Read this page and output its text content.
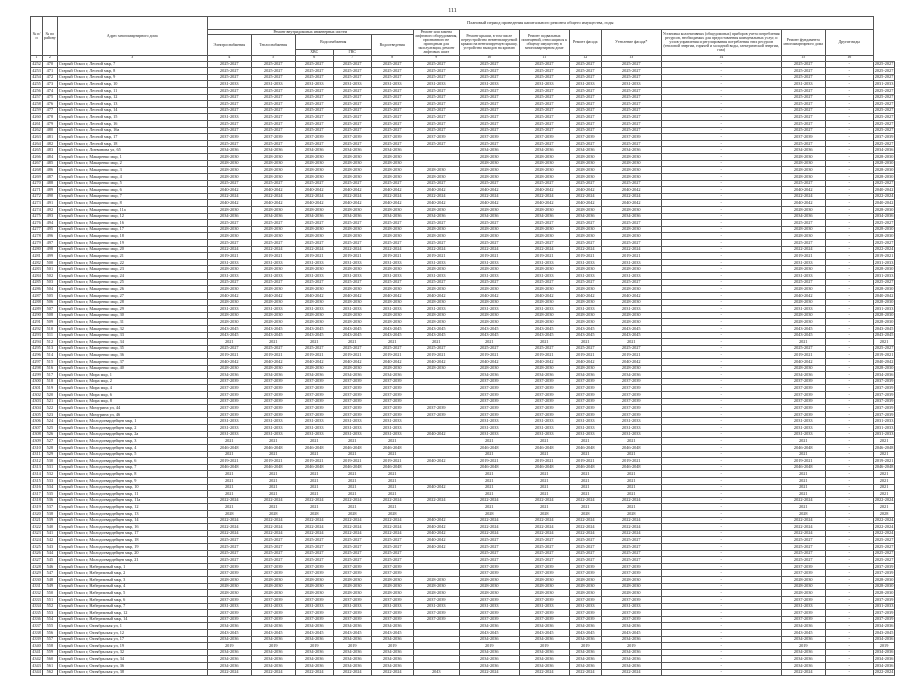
111
№ п/п	№ по району	Адрес многоквартирного дома	Плановый период проведения капитального ремонта общего имущества, годы													
			Ремонт внутридомовых инженерных систем					Ремонт или замена лифтового оборудования, признанного не пригодным для эксплуатации, ремонт лифтовых шахт	Ремонт крыши, в том числе переустройство невентилируемой крыши на вентилируемую крышу, устройство выходов на кровлю	Ремонт подвальных помещений, относящихся к общему имуществу в многоквартирном доме	Ремонт фасада	Утепление фасада*	Установка коллективных (общедомовых) приборов учета потребления ресурсов, необходимых для предоставления коммунальных услуг, и узлов управления и регулирования потребления этих ресурсов (тепловой энергии, горячей и холодной воды, электрической энергии, газа)	Ремонт фундамента многоквартирного дома	Другие виды	
			Электроснабжения	Теплоснабжения	Водоснабжения		Водоотведения									
					ХВС	ГВС										
1	2	3	4	5	6	7	8	9	10	11	12	13	14	15	16	
4252	470	Старый Оскол г, Лесной мкр, 7	2025-2027	2025-2027	2025-2027	2025-2027	2025-2027	2025-2027	2025-2027	2025-2027	2025-2027	2025-2027	-	2025-2027	-	2025-2027
4253	471	Старый Оскол г, Лесной мкр, 8	2025-2027	2025-2027	2025-2027	2025-2027	2025-2027	2025-2027	2025-2027	2025-2027	2025-2027	2025-2027	-	2025-2027	-	2025-2027
4254	472	Старый Оскол г, Лесной мкр, 9	2025-2027	2025-2027	2025-2027	2025-2027	2025-2027	2025-2027	2025-2027	2025-2027	2025-2027	2025-2027	-	2025-2027	-	2025-2027
4255	473	Старый Оскол г, Лесной мкр, 10	2031-2033	2031-2033	2031-2033	2031-2033	2031-2033	2031-2033	2031-2033	2031-2033	2031-2033	2031-2033	-	2031-2033	-	2031-2033
4256	474	Старый Оскол г, Лесной мкр, 11	2025-2027	2025-2027	2025-2027	2025-2027	2025-2027	2025-2027	2025-2027	2025-2027	2025-2027	2025-2027	-	2025-2027	-	2025-2027
4257	475	Старый Оскол г, Лесной мкр, 12	2025-2027	2025-2027	2025-2027	2025-2027	2025-2027	2025-2027	2025-2027	2025-2027	2025-2027	2025-2027	-	2025-2027	-	2025-2027
4258	476	Старый Оскол г, Лесной мкр, 13	2025-2027	2025-2027	2025-2027	2025-2027	2025-2027	2025-2027	2025-2027	2025-2027	2025-2027	2025-2027	-	2025-2027	-	2025-2027
4259	477	Старый Оскол г, Лесной мкр, 14	2025-2027	2025-2027	2025-2027	2025-2027	2025-2027	2025-2027	2025-2027	2025-2027	2025-2027	2025-2027	-	2025-2027	-	2025-2027
4260	478	Старый Оскол г, Лесной мкр, 15	2031-2033	2025-2027	2025-2027	2025-2027	2025-2027	2025-2027	2025-2027	2025-2027	2025-2027	2025-2027	-	2025-2027	-	2025-2027
4261	479	Старый Оскол г, Лесной мкр, 16	2025-2027	2025-2027	2025-2027	2025-2027	2025-2027	2025-2027	2025-2027	2025-2027	2025-2027	2025-2027	-	2025-2027	-	2025-2027
4262	480	Старый Оскол г, Лесной мкр, 16а	2025-2027	2025-2027	2025-2027	2025-2027	2025-2027	2025-2027	2025-2027	2025-2027	2025-2027	2025-2027	-	2025-2027	-	2025-2027
4263	481	Старый Оскол г, Лесной мкр, 17	2037-2039	2037-2039	2037-2039	2037-2039	2037-2039	2037-2039	2037-2039	2037-2039	2037-2039	2037-2039	-	2037-2039	-	2037-2039
4264	482	Старый Оскол г, Лесной мкр, 18	2025-2027	2025-2027	2025-2027	2025-2027	2025-2027	2025-2027	2025-2027	2025-2027	2025-2027	2025-2027	-	2025-2027	-	2025-2027
4265	483	Старый Оскол г, Литвинова ул, 65	2034-2036	2034-2036	2034-2036	2034-2036	2034-2036		2034-2036	2034-2036	2034-2036	2034-2036	-	2034-2036	-	2034-2036
4266	484	Старый Оскол г, Макаренко мкр, 1	2028-2030	2028-2030	2028-2030	2028-2030	2028-2030		2028-2030	2028-2030	2028-2030	2028-2030	-	2028-2030	-	2028-2030
4267	485	Старый Оскол г, Макаренко мкр, 2	2028-2030	2028-2030	2028-2030	2028-2030	2028-2030		2028-2030	2028-2030	2028-2030	2028-2030	-	2028-2030	-	2028-2030
4268	486	Старый Оскол г, Макаренко мкр, 3	2028-2030	2028-2030	2028-2030	2028-2030	2028-2030	2028-2030	2028-2030	2028-2030	2028-2030	2028-2030	-	2028-2030	-	2028-2030
4269	487	Старый Оскол г, Макаренко мкр, 4	2028-2030	2028-2030	2028-2030	2028-2030	2028-2030	2028-2030	2028-2030	2028-2030	2028-2030	2028-2030	-	2028-2030	-	2028-2030
4270	488	Старый Оскол г, Макаренко мкр, 5	2025-2027	2025-2027	2025-2027	2025-2027	2025-2027	2025-2027	2025-2027	2025-2027	2025-2027	2025-2027	-	2025-2027	-	2025-2027
4271	489	Старый Оскол г, Макаренко мкр, 6	2040-2042	2040-2042	2040-2042	2040-2042	2040-2042	2040-2042	2040-2042	2040-2042	2040-2042	2040-2042	-	2040-2042	-	2040-2042
4272	490	Старый Оскол г, Макаренко мкр, 7	2022-2024	2022-2024	2022-2024	2022-2024	2022-2024	2022-2024	2022-2024	2022-2024	2022-2024	2022-2024	-	2022-2024	-	2022-2024
4273	491	Старый Оскол г, Макаренко мкр, 8	2040-2042	2040-2042	2040-2042	2040-2042	2040-2042	2040-2042	2040-2042	2040-2042	2040-2042	2040-2042	-	2040-2042	-	2040-2042
4274	492	Старый Оскол г, Макаренко мкр, 11а	2028-2030	2028-2030	2028-2030	2028-2030	2028-2030	2028-2030	2028-2030	2028-2030	2028-2030	2028-2030	-	2028-2030	-	2028-2030
4275	493	Старый Оскол г, Макаренко мкр, 12	2034-2036	2034-2036	2034-2036	2034-2036	2034-2036	2034-2036	2034-2036	2034-2036	2034-2036	2034-2036	-	2034-2036	-	2034-2036
4276	494	Старый Оскол г, Макаренко мкр, 16	2025-2027	2025-2027	2025-2027	2025-2027	2025-2027	2025-2027	2025-2027	2025-2027	2025-2027	2025-2027	-	2025-2027	-	2025-2027
4277	495	Старый Оскол г, Макаренко мкр, 17	2028-2030	2028-2030	2028-2030	2028-2030	2028-2030	2028-2030	2028-2030	2028-2030	2028-2030	2028-2030	-	2028-2030	-	2028-2030
4278	496	Старый Оскол г, Макаренко мкр, 18	2028-2030	2028-2030	2028-2030	2028-2030	2028-2030	2028-2030	2028-2030	2028-2030	2028-2030	2028-2030	-	2028-2030	-	2028-2030
4279	497	Старый Оскол г, Макаренко мкр, 19	2025-2027	2025-2027	2025-2027	2025-2027	2025-2027	2025-2027	2025-2027	2025-2027	2025-2027	2025-2027	-	2025-2027	-	2025-2027
4280	498	Старый Оскол г, Макаренко мкр, 20	2022-2024	2022-2024	2022-2024	2022-2024	2022-2024	2022-2024	2022-2024	2022-2024	2022-2024	2022-2024	-	2022-2024	-	2022-2024
4281	499	Старый Оскол г, Макаренко мкр, 21	2019-2021	2019-2021	2019-2021	2019-2021	2019-2021	2019-2021	2019-2021	2019-2021	2019-2021	2019-2021	-	2019-2021	-	2019-2021
4282	500	Старый Оскол г, Макаренко мкр, 22	2031-2033	2031-2033	2031-2033	2031-2033	2031-2033	2031-2033	2031-2033	2031-2033	2031-2033	2031-2033	-	2031-2033	-	2031-2033
4283	501	Старый Оскол г, Макаренко мкр, 23	2028-2030	2028-2030	2028-2030	2028-2030	2028-2030	2028-2030	2028-2030	2028-2030	2028-2030	2028-2030	-	2028-2030	-	2028-2030
4284	502	Старый Оскол г, Макаренко мкр, 24	2031-2033	2031-2033	2031-2033	2031-2033	2031-2033	2031-2033	2031-2033	2031-2033	2031-2033	2031-2033	-	2031-2033	-	2031-2033
4285	503	Старый Оскол г, Макаренко мкр, 25	2025-2027	2025-2027	2025-2027	2025-2027	2025-2027	2025-2027	2025-2027	2025-2027	2025-2027	2025-2027	-	2025-2027	-	2025-2027
4286	504	Старый Оскол г, Макаренко мкр, 26	2028-2030	2028-2030	2028-2030	2028-2030	2028-2030	2028-2030	2028-2030	2028-2030	2028-2030	2028-2030	-	2028-2030	-	2028-2030
4287	505	Старый Оскол г, Макаренко мкр, 27	2040-2042	2040-2042	2040-2042	2040-2042	2040-2042	2040-2042	2040-2042	2040-2042	2040-2042	2040-2042	-	2040-2042	-	2040-2042
4288	506	Старый Оскол г, Макаренко мкр, 28	2028-2030	2028-2030	2028-2030	2028-2030	2028-2030	2028-2030	2028-2030	2028-2030	2028-2030	2028-2030	-	2028-2030	-	2028-2030
4289	507	Старый Оскол г, Макаренко мкр, 29	2031-2033	2031-2033	2031-2033	2031-2033	2031-2033	2031-2033	2031-2033	2031-2033	2031-2033	2031-2033	-	2031-2033	-	2031-2033
4290	508	Старый Оскол г, Макаренко мкр, 30	2028-2030	2028-2030	2028-2030	2028-2030	2028-2030	2028-2030	2028-2030	2028-2030	2028-2030	2028-2030	-	2028-2030	-	2028-2030
4291	509	Старый Оскол г, Макаренко мкр, 31	2028-2030	2028-2030	2028-2030	2028-2030	2028-2030	2028-2030	2028-2030	2028-2030	2028-2030	2028-2030	-	2028-2030	-	2028-2030
4292	510	Старый Оскол г, Макаренко мкр, 32	2043-2045	2043-2045	2043-2045	2043-2045	2043-2045	2043-2045	2043-2045	2043-2045	2043-2045	2043-2045	-	2043-2045	-	2043-2045
4293	511	Старый Оскол г, Макаренко мкр, 33	2043-2045	2043-2045	2043-2045	2043-2045	2043-2045	2043-2045	2043-2045	2043-2045	2043-2045	2043-2045	-	2043-2045	-	2043-2045
4294	512	Старый Оскол г, Макаренко мкр, 34	2021	2021	2021	2021	2021	2021	2021	2021	2021	2021	-	2021	-	2021
4295	513	Старый Оскол г, Макаренко мкр, 35	2025-2027	2025-2027	2025-2027	2025-2027	2025-2027	2025-2027	2025-2027	2025-2027	2025-2027	2025-2027	-	2025-2027	-	2025-2027
4296	514	Старый Оскол г, Макаренко мкр, 36	2019-2021	2019-2021	2019-2021	2019-2021	2019-2021	2019-2021	2019-2021	2019-2021	2019-2021	2019-2021	-	2019-2021	-	2019-2021
4297	515	Старый Оскол г, Макаренко мкр, 37	2040-2042	2040-2042	2040-2042	2040-2042	2040-2042	2040-2042	2040-2042	2040-2042	2040-2042	2040-2042	-	2040-2042	-	2040-2042
4298	516	Старый Оскол г, Макаренко мкр, 40	2028-2030	2028-2030	2028-2030	2028-2030	2028-2030	2028-2030	2028-2030	2028-2030	2028-2030	2028-2030	-	2028-2030	-	2028-2030
4299	517	Старый Оскол г, Мира мкр, 1	2034-2036	2034-2036	2034-2036	2034-2036	2034-2036		2034-2036	2034-2036	2034-2036	2034-2036	-	2034-2036	-	2034-2036
4300	518	Старый Оскол г, Мира мкр, 2	2037-2039	2037-2039	2037-2039	2037-2039	2037-2039		2037-2039	2037-2039	2037-2039	2037-2039	-	2037-2039	-	2037-2039
4301	519	Старый Оскол г, Мира мкр, 4	2037-2039	2037-2039	2037-2039	2037-2039	2037-2039		2037-2039	2037-2039	2037-2039	2037-2039	-	2037-2039	-	2037-2039
4302	520	Старый Оскол г, Мира мкр, 6	2037-2039	2037-2039	2037-2039	2037-2039	2037-2039		2037-2039	2037-2039	2037-2039	2037-2039	-	2037-2039	-	2037-2039
4303	521	Старый Оскол г, Мира мкр, 8	2037-2039	2037-2039	2037-2039	2037-2039	2037-2039		2037-2039	2037-2039	2037-2039	2037-2039	-	2037-2039	-	2037-2039
4304	522	Старый Оскол г, Мичурина ул, 44	2037-2039	2037-2039	2037-2039	2037-2039	2037-2039	2037-2039	2037-2039	2037-2039	2037-2039	2037-2039	-	2037-2039	-	2037-2039
4305	523	Старый Оскол г, Мичурина ул, 46	2037-2039	2037-2039	2037-2039	2037-2039	2037-2039	2037-2039	2037-2039	2037-2039	2037-2039	2037-2039	-	2037-2039	-	2037-2039
4306	524	Старый Оскол г, Молодогвардейцев мкр, 1	2031-2033	2031-2033	2031-2033	2031-2033	2031-2033		2031-2033	2031-2033	2031-2033	2031-2033	-	2031-2033	-	2031-2033
4307	525	Старый Оскол г, Молодогвардейцев мкр, 2	2031-2033	2031-2033	2031-2033	2031-2033	2031-2033		2031-2033	2031-2033	2031-2033	2031-2033	-	2031-2033	-	2031-2033
4308	526	Старый Оскол г, Молодогвардейцев мкр, 2а	2031-2033	2031-2033	2031-2033	2031-2033	2031-2033	2040-2042	2031-2033	2031-2033	2031-2033	2031-2033	-	2031-2033	-	2031-2033
4309	527	Старый Оскол г, Молодогвардейцев мкр, 3	2021	2021	2021	2021	2021		2021	2021	2021	2021	-	2021	-	2021
4310	528	Старый Оскол г, Молодогвардейцев мкр, 4	2046-2048	2046-2048	2046-2048	2046-2048	2046-2048		2046-2048	2046-2048	2046-2048	2046-2048	-	2046-2048	-	2046-2048
4311	529	Старый Оскол г, Молодогвардейцев мкр, 5	2021	2021	2021	2021	2021		2021	2021	2021	2021	-	2021	-	2021
4312	530	Старый Оскол г, Молодогвардейцев мкр, 6	2019-2021	2019-2021	2019-2021	2019-2021	2019-2021	2040-2042	2019-2021	2019-2021	2019-2021	2019-2021	-	2019-2021	-	2019-2021
4313	531	Старый Оскол г, Молодогвардейцев мкр, 7	2046-2048	2046-2048	2046-2048	2046-2048	2046-2048		2046-2048	2046-2048	2046-2048	2046-2048	-	2046-2048	-	2046-2048
4314	532	Старый Оскол г, Молодогвардейцев мкр, 8	2021	2021	2021	2021	2021		2021	2021	2021	2021	-	2021	-	2021
4315	533	Старый Оскол г, Молодогвардейцев мкр, 9	2021	2021	2021	2021	2021		2021	2021	2021	2021	-	2021	-	2021
4316	534	Старый Оскол г, Молодогвардейцев мкр, 10	2021	2021	2021	2021	2021	2040-2042	2021	2021	2021	2021	-	2021	-	2021
4317	535	Старый Оскол г, Молодогвардейцев мкр, 11	2021	2021	2021	2021	2021		2021	2021	2021	2021	-	2021	-	2021
4318	536	Старый Оскол г, Молодогвардейцев мкр, 11а	2022-2024	2022-2024	2022-2024	2022-2024	2022-2024	2022-2024	2022-2024	2022-2024	2022-2024	2022-2024	-	2022-2024	-	2022-2024
4319	537	Старый Оскол г, Молодогвардейцев мкр, 12	2021	2021	2021	2021	2021		2021	2021	2021	2021	-	2021	-	2021
4320	538	Старый Оскол г, Молодогвардейцев мкр, 13	2028	2028	2028	2028	2028		2028	2028	2028	2028	-	2028	-	2028
4321	539	Старый Оскол г, Молодогвардейцев мкр, 14	2022-2024	2022-2024	2022-2024	2022-2024	2022-2024	2040-2042	2022-2024	2022-2024	2022-2024	2022-2024	-	2022-2024	-	2022-2024
4322	540	Старый Оскол г, Молодогвардейцев мкр, 16	2022-2024	2022-2024	2022-2024	2022-2024	2022-2024	2040-2042	2022-2024	2022-2024	2022-2024	2022-2024	-	2022-2024	-	2022-2024
4323	541	Старый Оскол г, Молодогвардейцев мкр, 17	2022-2024	2022-2024	2022-2024	2022-2024	2022-2024	2040-2042	2022-2024	2022-2024	2022-2024	2022-2024	-	2022-2024	-	2022-2024
4324	542	Старый Оскол г, Молодогвардейцев мкр, 18	2025-2027	2025-2027	2025-2027	2025-2027	2025-2027	2040-2042	2025-2027	2025-2027	2025-2027	2025-2027	-	2025-2027	-	2025-2027
4325	543	Старый Оскол г, Молодогвардейцев мкр, 19	2025-2027	2025-2027	2025-2027	2025-2027	2025-2027	2040-2042	2025-2027	2025-2027	2025-2027	2025-2027	-	2025-2027	-	2025-2027
4326	544	Старый Оскол г, Молодогвардейцев мкр, 20	2025-2027	2025-2027	2025-2027	2025-2027	2025-2027		2025-2027	2025-2027	2025-2027	2025-2027	-	2025-2027	-	2025-2027
4327	545	Старый Оскол г, Молодогвардейцев мкр, 21	2025-2027	2025-2027	2025-2027	2025-2027	2025-2027		2025-2027	2025-2027	2025-2027	2025-2027	-	2025-2027	-	2025-2027
4328	546	Старый Оскол г, Набережный мкр, 1	2037-2039	2037-2039	2037-2039	2037-2039	2037-2039		2037-2039	2037-2039	2037-2039	2037-2039	-	2037-2039	-	2037-2039
4329	547	Старый Оскол г, Набережный мкр, 2	2037-2039	2037-2039	2037-2039	2037-2039	2037-2039		2037-2039	2037-2039	2037-2039	2037-2039	-	2037-2039	-	2037-2039
4330	548	Старый Оскол г, Набережный мкр, 3	2028-2030	2028-2030	2028-2030	2028-2030	2028-2030	2028-2030	2028-2030	2028-2030	2028-2030	2028-2030	-	2028-2030	-	2028-2030
4331	549	Старый Оскол г, Набережный мкр, 4	2028-2030	2028-2030	2028-2030	2028-2030	2028-2030	2028-2030	2028-2030	2028-2030	2028-2030	2028-2030	-	2028-2030	-	2028-2030
4332	550	Старый Оскол г, Набережный мкр, 5	2028-2030	2028-2030	2028-2030	2028-2030	2028-2030	2028-2030	2028-2030	2028-2030	2028-2030	2028-2030	-	2028-2030	-	2028-2030
4333	551	Старый Оскол г, Набережный мкр, 6	2037-2039	2037-2039	2037-2039	2037-2039	2037-2039	2037-2039	2037-2039	2037-2039	2037-2039	2037-2039	-	2037-2039	-	2037-2039
4334	552	Старый Оскол г, Набережный мкр, 7	2031-2033	2031-2033	2031-2033	2031-2033	2031-2033	2031-2033	2031-2033	2031-2033	2031-2033	2031-2033	-	2031-2033	-	2031-2033
4335	553	Старый Оскол г, Набережный мкр, 12	2037-2039	2037-2039	2037-2039	2037-2039	2037-2039	2037-2039	2037-2039	2037-2039	2037-2039	2037-2039	-	2037-2039	-	2037-2039
4336	554	Старый Оскол г, Набережный мкр, 14	2037-2039	2037-2039	2037-2039	2037-2039	2037-2039	2037-2039	2037-2039	2037-2039	2037-2039	2037-2039	-	2037-2039	-	2037-2039
4337	555	Старый Оскол г, Октябрьская ул, 1	2034-2036	2034-2036	2034-2036	2034-2036	2034-2036		2034-2036	2034-2036	2034-2036	2034-2036	-	2034-2036	-	2034-2036
4338	556	Старый Оскол г, Октябрьская ул, 12	2043-2045	2043-2045	2043-2045	2043-2045	2043-2045		2043-2045	2043-2045	2043-2045	2043-2045	-	2043-2045	-	2043-2045
4339	557	Старый Оскол г, Октябрьская ул, 17	2034-2036	2034-2036	2034-2036	2034-2036	2034-2036		2034-2036	2034-2036	2034-2036	2034-2036	-	2034-2036	-	2034-2036
4340	558	Старый Оскол г, Октябрьская ул, 19	2019	2019	2019	2019	2019		2019	2019	2019	2019	-	2019	-	2019
4341	559	Старый Оскол г, Октябрьская ул, 32	2034-2036	2034-2036	2034-2036	2034-2036	2034-2036		2034-2036	2034-2036	2034-2036	2034-2036	-	2034-2036	-	2034-2036
4342	560	Старый Оскол г, Октябрьская ул, 34	2034-2036	2034-2036	2034-2036	2034-2036	2034-2036		2034-2036	2034-2036	2034-2036	2034-2036	-	2034-2036	-	2034-2036
4343	561	Старый Оскол г, Октябрьская ул, 36	2034-2036	2034-2036	2034-2036	2034-2036	2034-2036		2034-2036	2034-2036	2034-2036	2034-2036	-	2034-2036	-	2034-2036
4344	562	Старый Оскол г, Октябрьская ул, 38	2022-2024	2022-2024	2022-2024	2022-2024	2022-2024	2043	2022-2024	2022-2024	2022-2024	2022-2024	-	2022-2024	-	2022-2024
